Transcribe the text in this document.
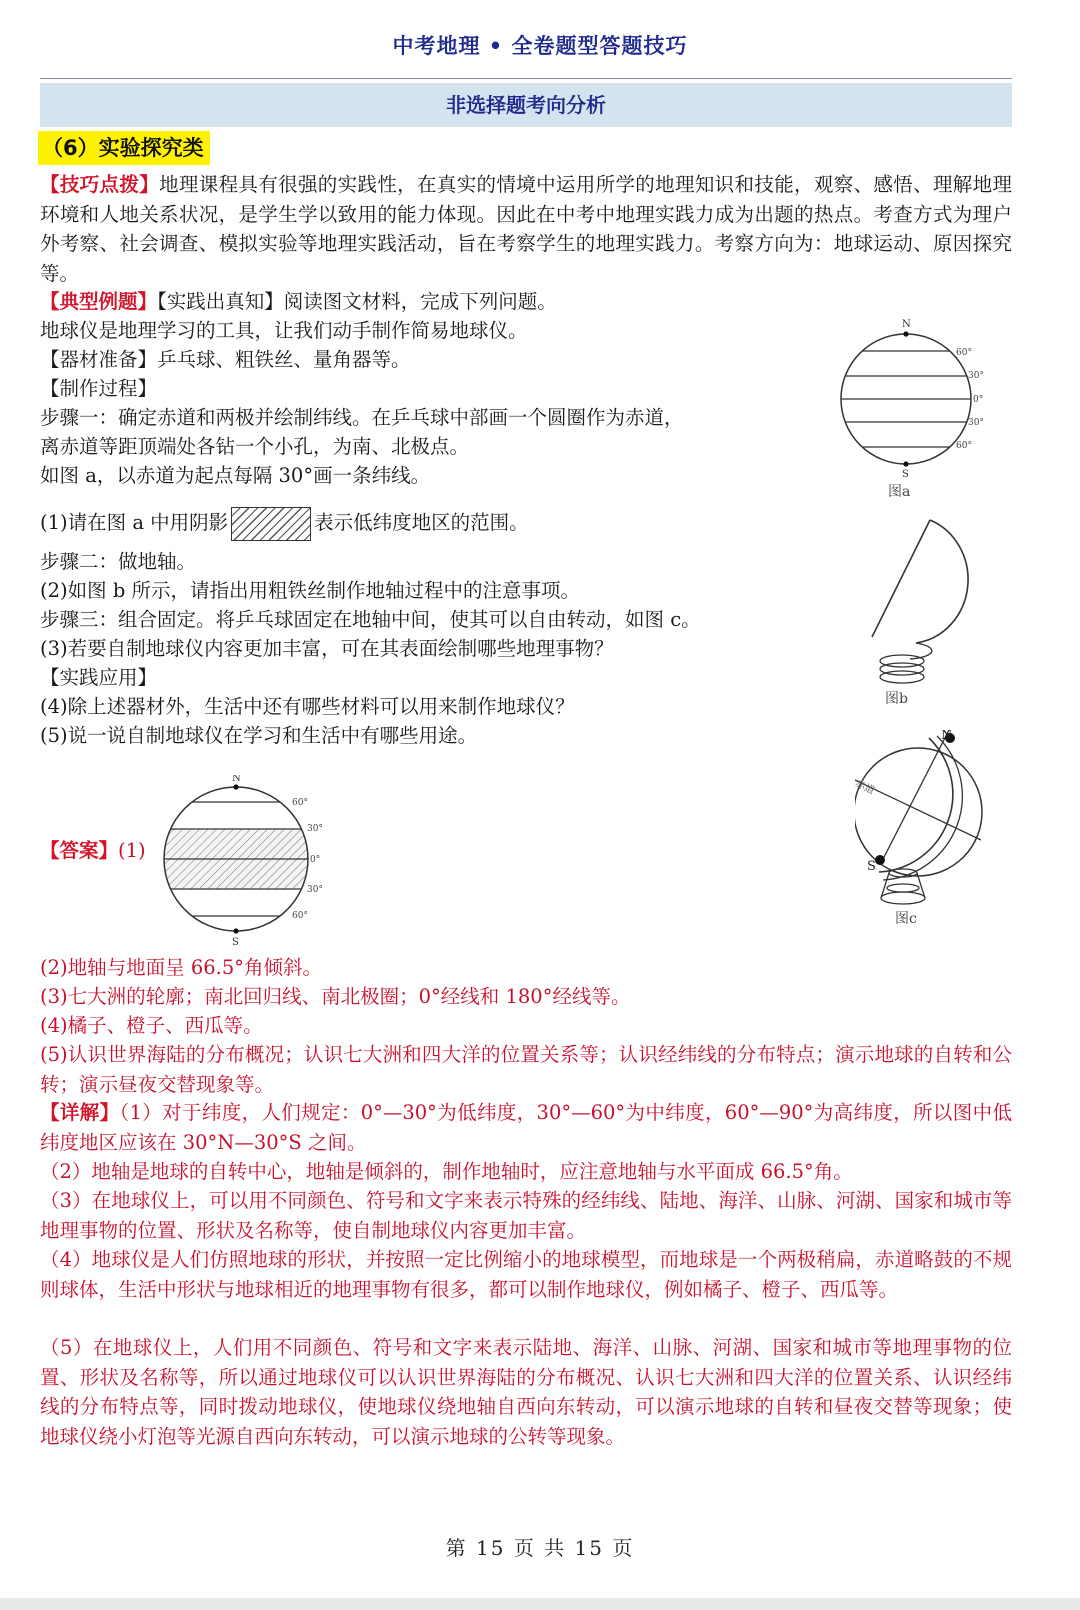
中考地理 • 全卷题型答题技巧
非选择题考向分析
（6）实验探究类
【技巧点拨】地理课程具有很强的实践性，在真实的情境中运用所学的地理知识和技能，观察、感悟、理解地理环境和人地关系状况，是学生学以致用的能力体现。因此在中考中地理实践力成为出题的热点。考查方式为理户外考察、社会调查、模拟实验等地理实践活动，旨在考察学生的地理实践力。考察方向为：地球运动、原因探究等。
【典型例题】【实践出真知】阅读图文材料，完成下列问题。
地球仪是地理学习的工具，让我们动手制作简易地球仪。
【器材准备】乒乓球、粗铁丝、量角器等。
【制作过程】
步骤一：确定赤道和两极并绘制纬线。在乒乓球中部画一个圆圈作为赤道，
离赤道等距顶端处各钻一个小孔，为南、北极点。
如图 a，以赤道为起点每隔 30°画一条纬线。
(1)请在图 a 中用阴影	表示低纬度地区的范围。
步骤二：做地轴。
(2)如图 b 所示，请指出用粗铁丝制作地轴过程中的注意事项。
步骤三：组合固定。将乒乓球固定在地轴中间，使其可以自由转动，如图 c。
(3)若要自制地球仪内容更加丰富，可在其表面绘制哪些地理事物？
【实践应用】
(4)除上述器材外，生活中还有哪些材料可以用来制作地球仪？
(5)说一说自制地球仪在学习和生活中有哪些用途。
N
S
60°
30°
0°
30°
60°
图a
图b
N
S
赤道
图c
【答案】(1)
N
S
60°
30°
0°
30°
60°
(2)地轴与地面呈 66.5°角倾斜。
(3)七大洲的轮廓；南北回归线、南北极圈；0°经线和 180°经线等。
(4)橘子、橙子、西瓜等。
(5)认识世界海陆的分布概况；认识七大洲和四大洋的位置关系等；认识经纬线的分布特点；演示地球的自转和公转；演示昼夜交替现象等。
【详解】（1）对于纬度，人们规定：0°—30°为低纬度，30°—60°为中纬度，60°—90°为高纬度，所以图中低纬度地区应该在 30°N—30°S 之间。
（2）地轴是地球的自转中心，地轴是倾斜的，制作地轴时，应注意地轴与水平面成 66.5°角。
（3）在地球仪上，可以用不同颜色、符号和文字来表示特殊的经纬线、陆地、海洋、山脉、河湖、国家和城市等地理事物的位置、形状及名称等，使自制地球仪内容更加丰富。
（4）地球仪是人们仿照地球的形状，并按照一定比例缩小的地球模型，而地球是一个两极稍扁，赤道略鼓的不规则球体，生活中形状与地球相近的地理事物有很多，都可以制作地球仪，例如橘子、橙子、西瓜等。
（5）在地球仪上，人们用不同颜色、符号和文字来表示陆地、海洋、山脉、河湖、国家和城市等地理事物的位置、形状及名称等，所以通过地球仪可以认识世界海陆的分布概况、认识七大洲和四大洋的位置关系、认识经纬线的分布特点等，同时拨动地球仪，使地球仪绕地轴自西向东转动，可以演示地球的自转和昼夜交替等现象；使地球仪绕小灯泡等光源自西向东转动，可以演示地球的公转等现象。
第 15 页 共 15 页
